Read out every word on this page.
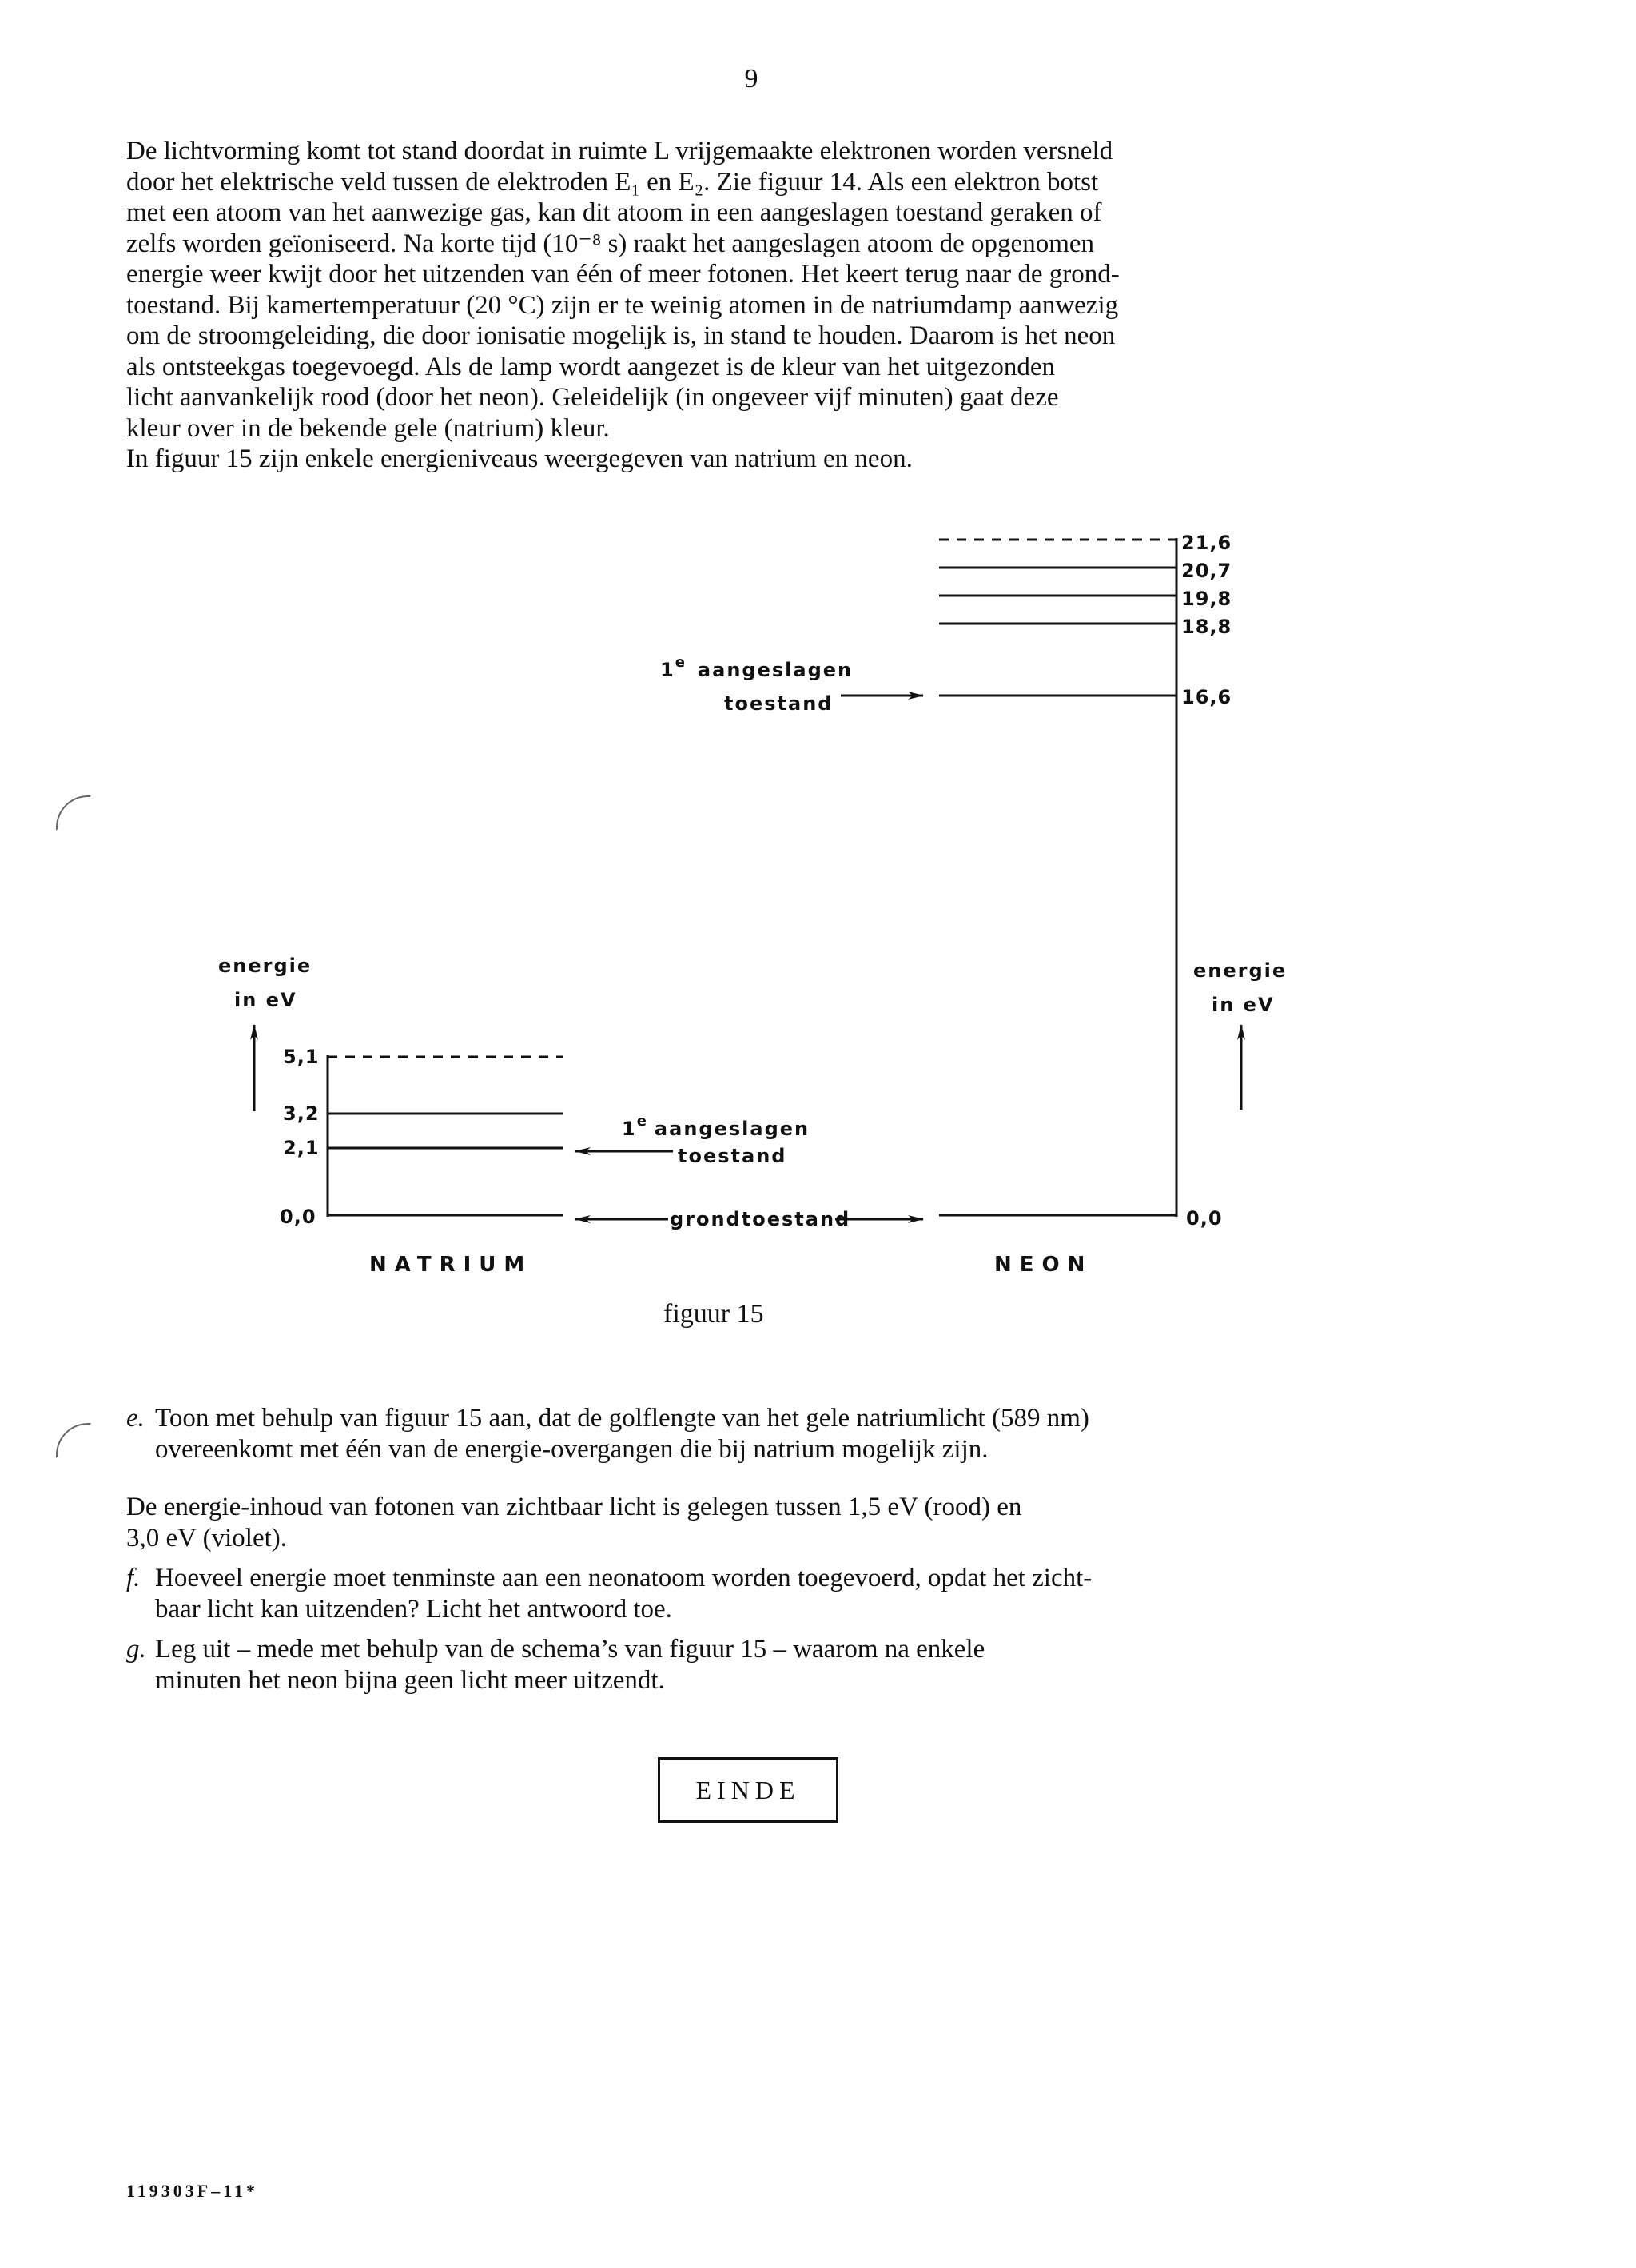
9
De lichtvorming komt tot stand doordat in ruimte L vrijgemaakte elektronen worden versneld
door het elektrische veld tussen de elektroden E₁ en E₂. Zie figuur 14. Als een elektron botst
met een atoom van het aanwezige gas, kan dit atoom in een aangeslagen toestand geraken of
zelfs worden geïoniseerd. Na korte tijd (10⁻⁸ s) raakt het aangeslagen atoom de opgenomen
energie weer kwijt door het uitzenden van één of meer fotonen. Het keert terug naar de grond-
toestand. Bij kamertemperatuur (20 °C) zijn er te weinig atomen in de natriumdamp aanwezig
om de stroomgeleiding, die door ionisatie mogelijk is, in stand te houden. Daarom is het neon
als ontsteekgas toegevoegd. Als de lamp wordt aangezet is de kleur van het uitgezonden
licht aanvankelijk rood (door het neon). Geleidelijk (in ongeveer vijf minuten) gaat deze
kleur over in de bekende gele (natrium) kleur.
In figuur 15 zijn enkele energieniveaus weergegeven van natrium en neon.
energie
in eV
5,1
3,2
2,1
0,0
1e aangeslagen
toestand
grondtoestand
21,6
20,7
19,8
18,8
16,6
0,0
1e aangeslagen
toestand
energie
in eV
NATRIUM	NEON
figuur 15
e. Toon met behulp van figuur 15 aan, dat de golflengte van het gele natriumlicht (589 nm)
overeenkomt met één van de energie-overgangen die bij natrium mogelijk zijn.
De energie-inhoud van fotonen van zichtbaar licht is gelegen tussen 1,5 eV (rood) en
3,0 eV (violet).
f. Hoeveel energie moet tenminste aan een neonatoom worden toegevoerd, opdat het zicht-
baar licht kan uitzenden? Licht het antwoord toe.
g. Leg uit – mede met behulp van de schema’s van figuur 15 – waarom na enkele
minuten het neon bijna geen licht meer uitzendt.
EINDE
119303F–11*
